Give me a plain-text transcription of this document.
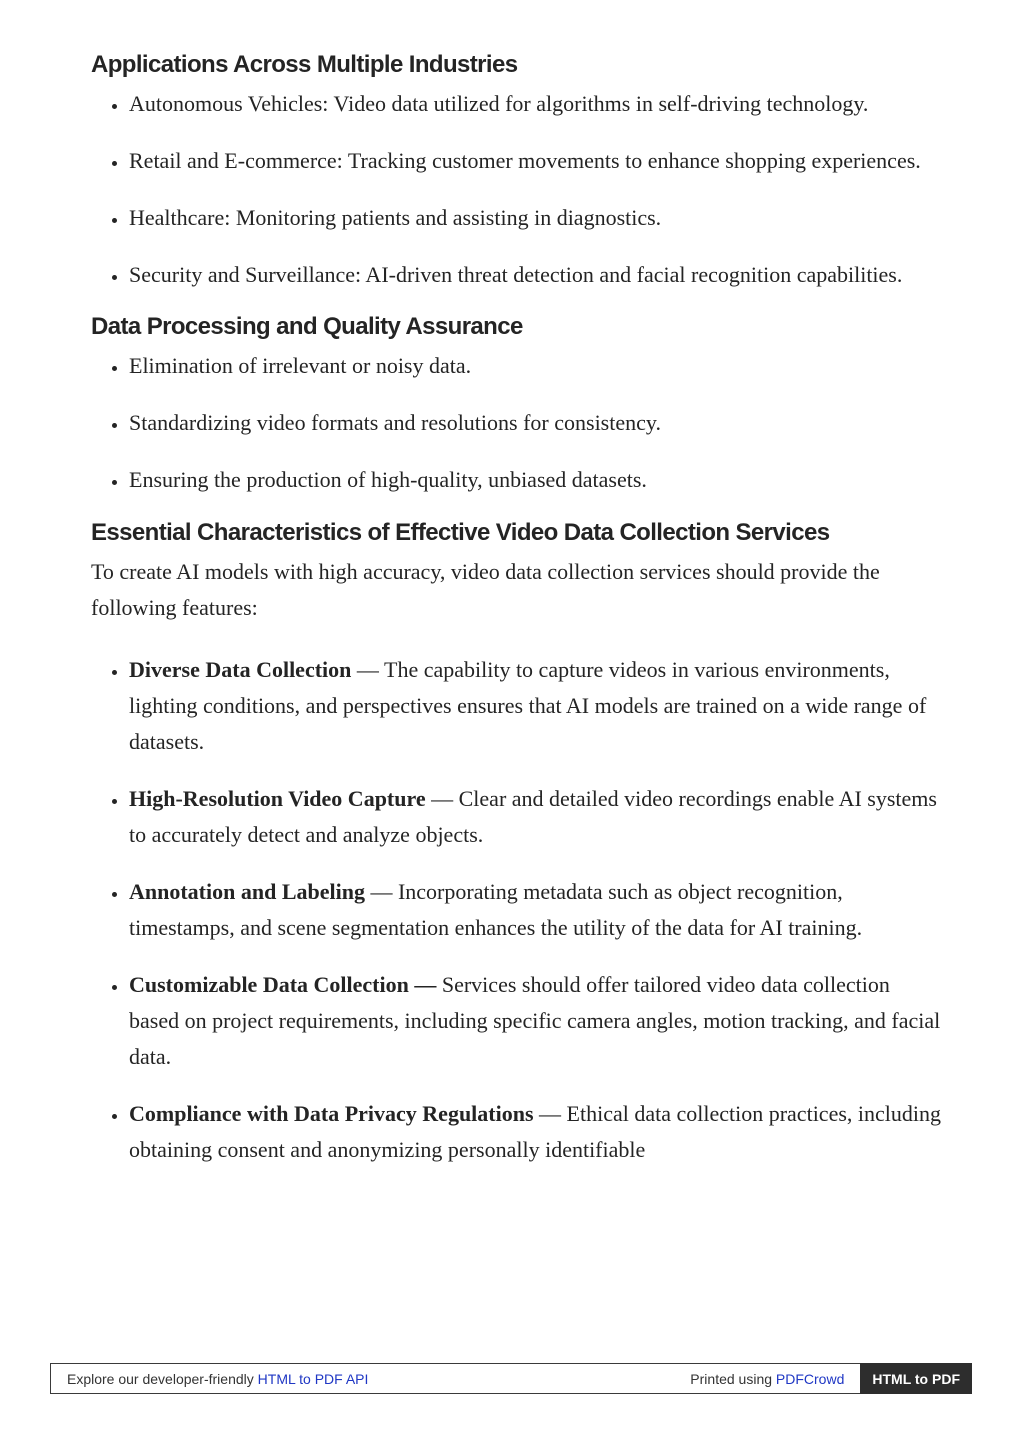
Applications Across Multiple Industries
• Autonomous Vehicles: Video data utilized for algorithms in self-driving technology.
• Retail and E-commerce: Tracking customer movements to enhance shopping experiences.
• Healthcare: Monitoring patients and assisting in diagnostics.
• Security and Surveillance: AI-driven threat detection and facial recognition capabilities.
Data Processing and Quality Assurance
• Elimination of irrelevant or noisy data.
• Standardizing video formats and resolutions for consistency.
• Ensuring the production of high-quality, unbiased datasets.
Essential Characteristics of Effective Video Data Collection Services

To create AI models with high accuracy, video data collection services should provide the following features:

• Diverse Data Collection — The capability to capture videos in various environments, lighting conditions, and perspectives ensures that AI models are trained on a wide range of datasets.
• High-Resolution Video Capture — Clear and detailed video recordings enable AI systems to accurately detect and analyze objects.
• Annotation and Labeling — Incorporating metadata such as object recognition, timestamps, and scene segmentation enhances the utility of the data for AI training.
• Customizable Data Collection — Services should offer tailored video data collection based on project requirements, including specific camera angles, motion tracking, and facial data.
• Compliance with Data Privacy Regulations — Ethical data collection practices, including obtaining consent and anonymizing personally identifiable
Explore our developer-friendly HTML to PDF API	Printed using PDFCrowd	HTML to PDF
